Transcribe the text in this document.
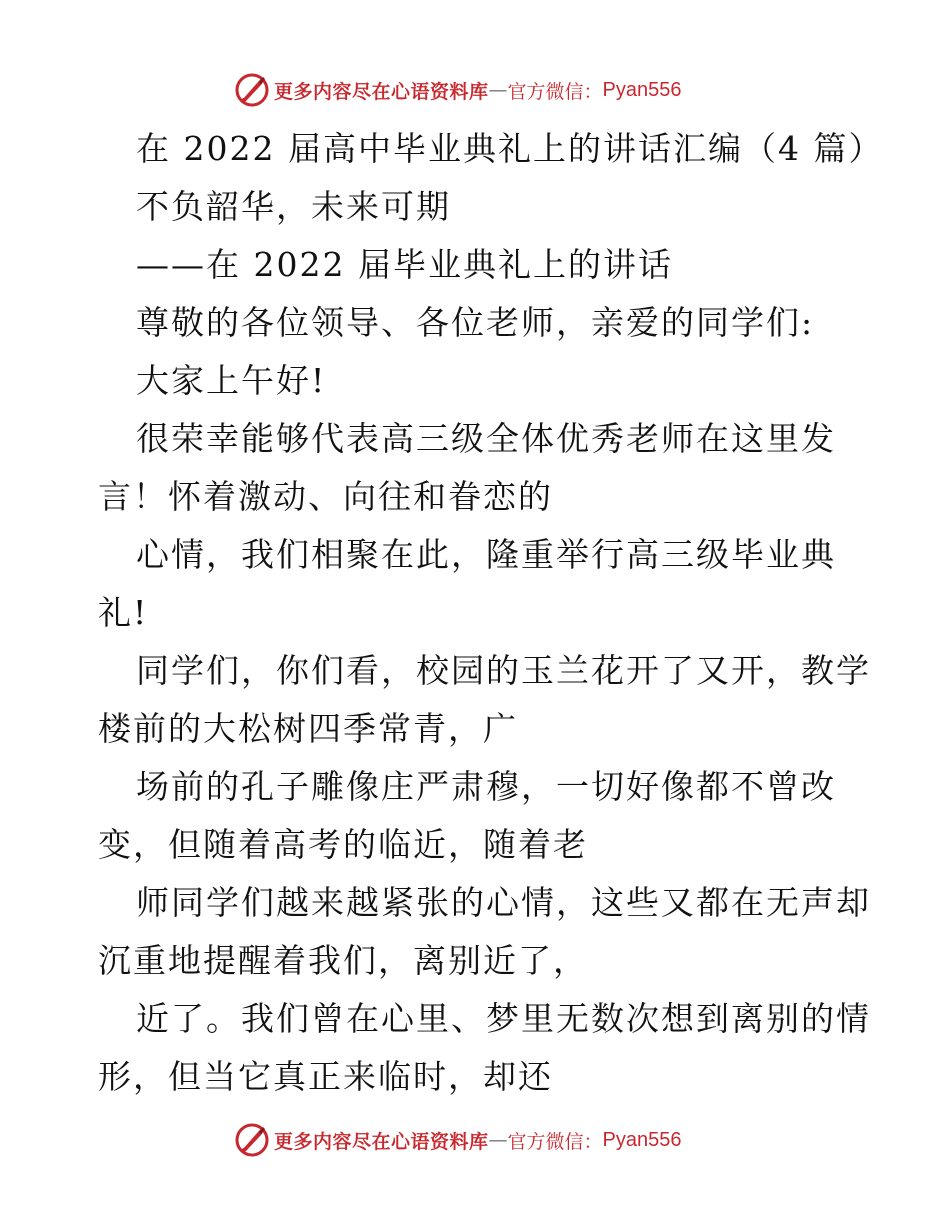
更多内容尽在心语资料库 — 官方微信： Pyan556
在 2022 届高中毕业典礼上的讲话汇编（4 篇）
不负韶华，未来可期
——在 2022 届毕业典礼上的讲话
尊敬的各位领导、各位老师，亲爱的同学们:
大家上午好!
很荣幸能够代表高三级全体优秀老师在这里发
言！怀着激动、向往和眷恋的
心情，我们相聚在此，隆重举行高三级毕业典
礼!
同学们，你们看，校园的玉兰花开了又开，教学
楼前的大松树四季常青，广
场前的孔子雕像庄严肃穆，一切好像都不曾改
变，但随着高考的临近，随着老
师同学们越来越紧张的心情，这些又都在无声却
沉重地提醒着我们，离别近了，
近了。我们曾在心里、梦里无数次想到离别的情
形，但当它真正来临时，却还
更多内容尽在心语资料库 — 官方微信： Pyan556
